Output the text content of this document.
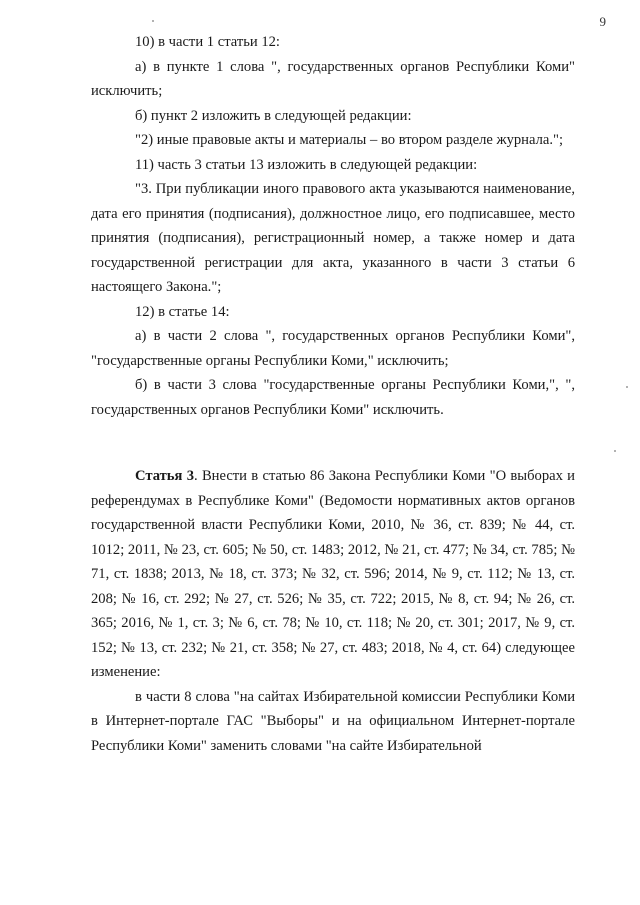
9

10) в части 1 статьи 12:

а) в пункте 1 слова ", государственных органов Республики Коми" исключить;

б) пункт 2 изложить в следующей редакции:

"2) иные правовые акты и материалы – во втором разделе журнала.";

11) часть 3 статьи 13 изложить в следующей редакции:

"3. При публикации иного правового акта указываются наименование, дата его принятия (подписания), должностное лицо, его подписавшее, место принятия (подписания), регистрационный номер, а также номер и дата государственной регистрации для акта, указанного в части 3 статьи 6 настоящего Закона.";

12) в статье 14:

а) в части 2 слова ", государственных органов Республики Коми", "государственные органы Республики Коми," исключить;

б) в части 3 слова "государственные органы Республики Коми,", ", государственных органов Республики Коми" исключить.

Статья 3. Внести в статью 86 Закона Республики Коми "О выборах и референдумах в Республике Коми" (Ведомости нормативных актов органов государственной власти Республики Коми, 2010, № 36, ст. 839; № 44, ст. 1012; 2011, № 23, ст. 605; № 50, ст. 1483; 2012, № 21, ст. 477; № 34, ст. 785; № 71, ст. 1838; 2013, № 18, ст. 373; № 32, ст. 596; 2014, № 9, ст. 112; № 13, ст. 208; № 16, ст. 292; № 27, ст. 526; № 35, ст. 722; 2015, № 8, ст. 94; № 26, ст. 365; 2016, № 1, ст. 3; № 6, ст. 78; № 10, ст. 118; № 20, ст. 301; 2017, № 9, ст. 152; № 13, ст. 232; № 21, ст. 358; № 27, ст. 483; 2018, № 4, ст. 64) следующее изменение:

в части 8 слова "на сайтах Избирательной комиссии Республики Коми в Интернет-портале ГАС "Выборы" и на официальном Интернет-портале Республики Коми" заменить словами "на сайте Избирательной
